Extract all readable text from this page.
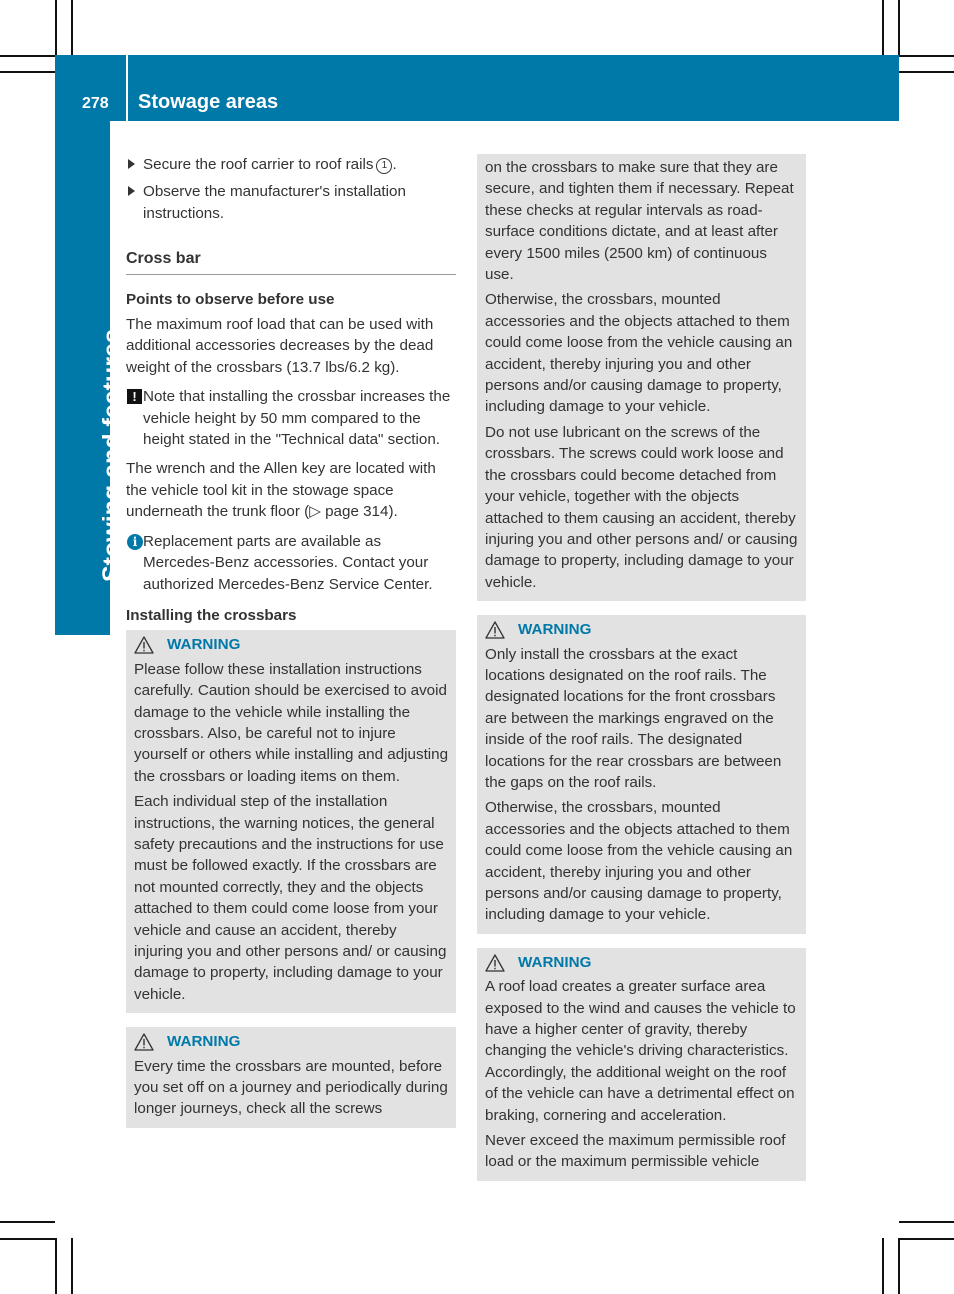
278 Stowage areas
Stowing and features
Secure the roof carrier to roof rails 1 .
Observe the manufacturer's installation instructions.
Cross bar
Points to observe before use

The maximum roof load that can be used with additional accessories decreases by the dead weight of the crossbars (13.7 lbs/6.2 kg).

! Note that installing the crossbar increases the vehicle height by 50 mm compared to the height stated in the "Technical data" section.

The wrench and the Allen key are located with the vehicle tool kit in the stowage space underneath the trunk floor (▷ page 314).

i Replacement parts are available as Mercedes-Benz accessories. Contact your authorized Mercedes-Benz Service Center.
Installing the crossbars
WARNING

Please follow these installation instructions carefully. Caution should be exercised to avoid damage to the vehicle while installing the crossbars. Also, be careful not to injure yourself or others while installing and adjusting the crossbars or loading items on them.

Each individual step of the installation instructions, the warning notices, the general safety precautions and the instructions for use must be followed exactly. If the crossbars are not mounted correctly, they and the objects attached to them could come loose from your vehicle and cause an accident, thereby injuring you and other persons and/ or causing damage to property, including damage to your vehicle.

WARNING

Every time the crossbars are mounted, before you set off on a journey and periodically during longer journeys, check all the screws

on the crossbars to make sure that they are secure, and tighten them if necessary. Repeat these checks at regular intervals as road-surface conditions dictate, and at least after every 1500 miles (2500 km) of continuous use.

Otherwise, the crossbars, mounted accessories and the objects attached to them could come loose from the vehicle causing an accident, thereby injuring you and other persons and/or causing damage to property, including damage to your vehicle.

Do not use lubricant on the screws of the crossbars. The screws could work loose and the crossbars could become detached from your vehicle, together with the objects attached to them causing an accident, thereby injuring you and other persons and/ or causing damage to property, including damage to your vehicle.

WARNING

Only install the crossbars at the exact locations designated on the roof rails. The designated locations for the front crossbars are between the markings engraved on the inside of the roof rails. The designated locations for the rear crossbars are between the gaps on the roof rails.

Otherwise, the crossbars, mounted accessories and the objects attached to them could come loose from the vehicle causing an accident, thereby injuring you and other persons and/or causing damage to property, including damage to your vehicle.

WARNING

A roof load creates a greater surface area exposed to the wind and causes the vehicle to have a higher center of gravity, thereby changing the vehicle's driving characteristics. Accordingly, the additional weight on the roof of the vehicle can have a detrimental effect on braking, cornering and acceleration.

Never exceed the maximum permissible roof load or the maximum permissible vehicle
